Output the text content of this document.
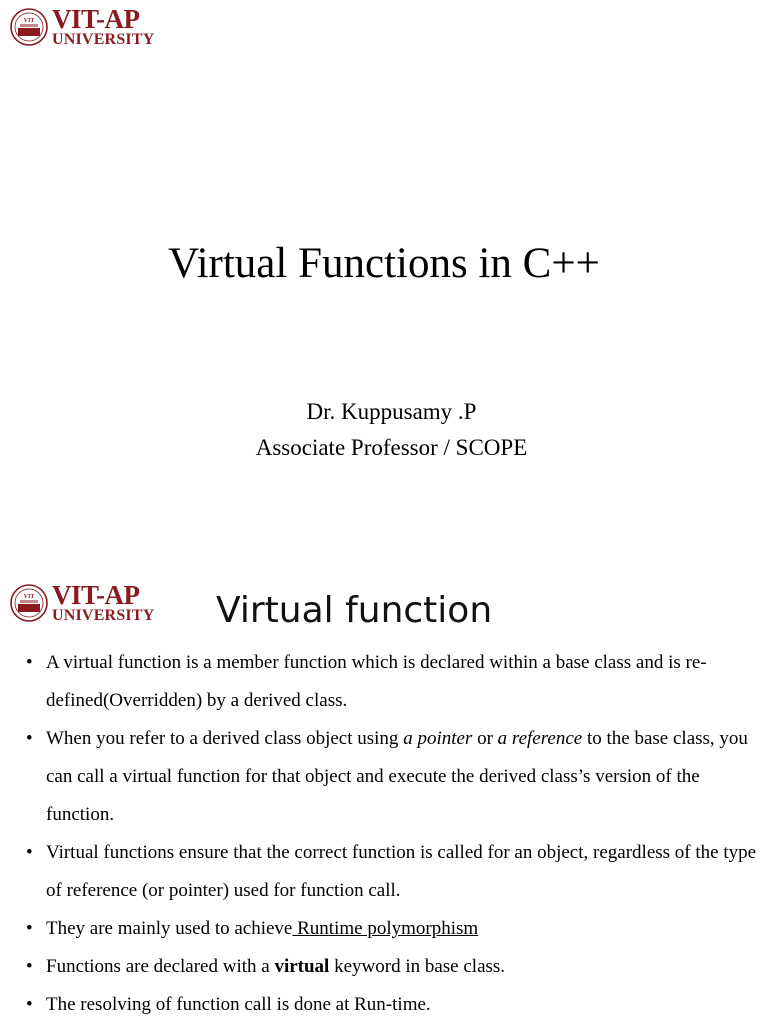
VIT VIT-AP
UNIVERSITY
Virtual Functions in C++
Dr. Kuppusamy .P
Associate Professor / SCOPE
VIT VIT-AP
UNIVERSITY Virtual function
• A virtual function is a member function which is declared within a base class and is re-defined(Overridden) by a derived class.
• When you refer to a derived class object using a pointer or a reference to the base class, you can call a virtual function for that object and execute the derived class’s version of the function.
• Virtual functions ensure that the correct function is called for an object, regardless of the type of reference (or pointer) used for function call.
• They are mainly used to achieve Runtime polymorphism
• Functions are declared with a virtual keyword in base class.
• The resolving of function call is done at Run-time.
